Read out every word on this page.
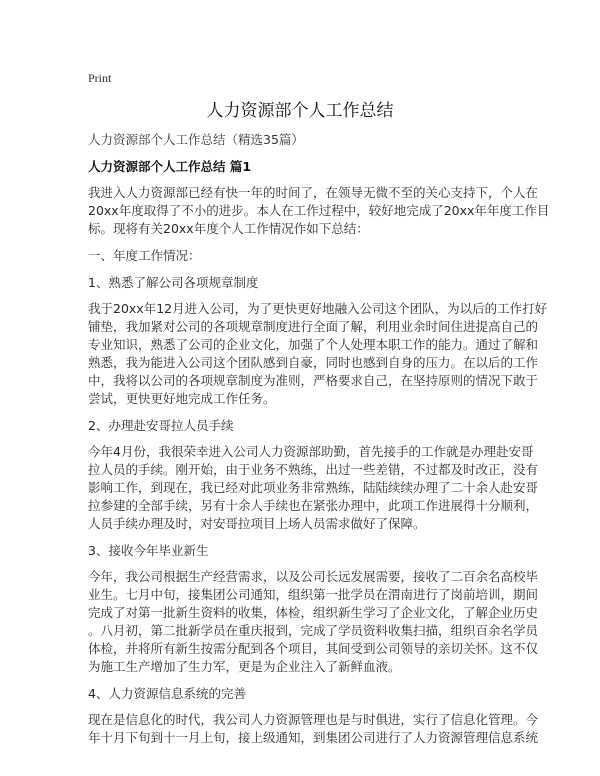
Print

人力资源部个人工作总结

人力资源部个人工作总结（精选35篇）

人力资源部个人工作总结 篇1

我进入人力资源部已经有快一年的时间了，在领导无微不至的关心支持下，个人在
20xx年度取得了不小的进步。本人在工作过程中，较好地完成了20xx年年度工作目
标。现将有关20xx年度个人工作情况作如下总结：

一、年度工作情况：

1、熟悉了解公司各项规章制度

我于20xx年12月进入公司，为了更快更好地融入公司这个团队，为以后的工作打好
铺垫，我加紧对公司的各项规章制度进行全面了解，利用业余时间住进提高自己的
专业知识，熟悉了公司的企业文化，加强了个人处理本职工作的能力。通过了解和
熟悉，我为能进入公司这个团队感到自豪，同时也感到自身的压力。在以后的工作
中，我将以公司的各项规章制度为准则，严格要求自己，在坚持原则的情况下敢于
尝试，更快更好地完成工作任务。

2、办理赴安哥拉人员手续

今年4月份，我很荣幸进入公司人力资源部助勤，首先接手的工作就是办理赴安哥
拉人员的手续。刚开始，由于业务不熟练，出过一些差错，不过都及时改正，没有
影响工作，到现在，我已经对此项业务非常熟练，陆陆续续办理了二十余人赴安哥
拉参建的全部手续，另有十余人手续也在紧张办理中，此项工作进展得十分顺利，
人员手续办理及时，对安哥拉项目上场人员需求做好了保障。

3、接收今年毕业新生

今年，我公司根据生产经营需求，以及公司长远发展需要，接收了二百余名高校毕
业生。七月中旬，接集团公司通知，组织第一批学员在渭南进行了岗前培训，期间
完成了对第一批新生资料的收集，体检，组织新生学习了企业文化，了解企业历史
。八月初，第二批新学员在重庆报到，完成了学员资料收集扫描，组织百余名学员
体检，并将所有新生按需分配到各个项目，其间受到公司领导的亲切关怀。这不仅
为施工生产增加了生力军，更是为企业注入了新鲜血液。

4、人力资源信息系统的完善

现在是信息化的时代，我公司人力资源管理也是与时俱进，实行了信息化管理。今
年十月下旬到十一月上旬，接上级通知，到集团公司进行了人力资源管理信息系统
